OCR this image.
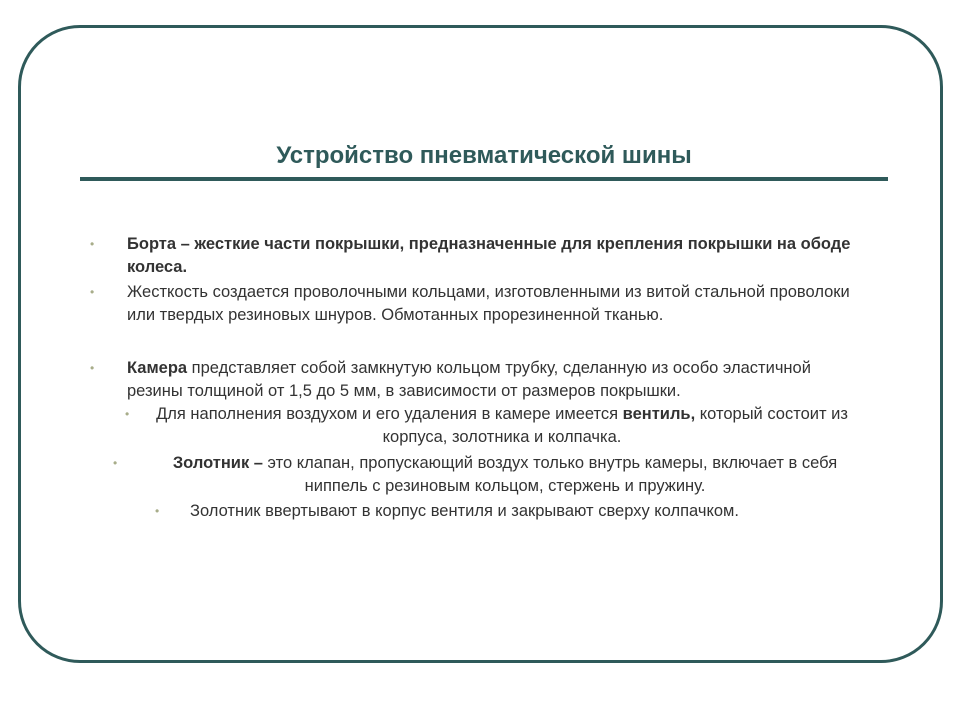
Устройство пневматической шины
• Борта – жесткие части покрышки, предназначенные для крепления покрышки на ободе колеса.
• Жесткость создается проволочными кольцами, изготовленными из витой стальной проволоки или твердых резиновых шнуров. Обмотанных прорезиненной тканью.
• Камера представляет собой замкнутую кольцом трубку, сделанную из особо эластичной резины толщиной от 1,5 до 5 мм, в зависимости от размеров покрышки.
• Для наполнения воздухом и его удаления в камере имеется вентиль, который состоит из корпуса, золотника и колпачка.
•	Золотник – это клапан, пропускающий воздух только внутрь камеры, включает в себя ниппель с резиновым кольцом, стержень и пружину.
• Золотник ввертывают в корпус вентиля и закрывают сверху колпачком.
